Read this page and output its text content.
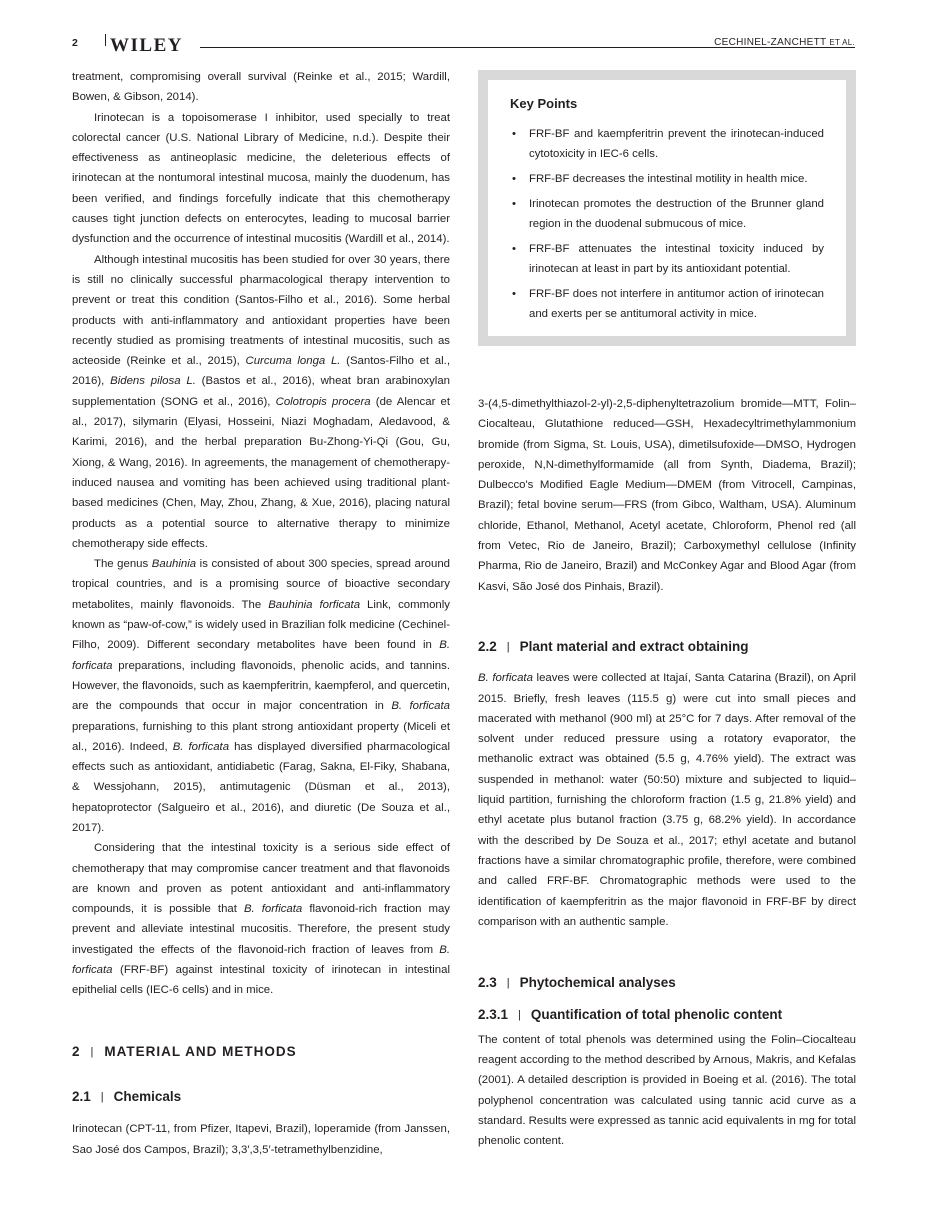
2 WILEY	CECHINEL-ZANCHETT ET AL.

treatment, compromising overall survival (Reinke et al., 2015; Wardill, Bowen, & Gibson, 2014).

Irinotecan is a topoisomerase I inhibitor, used specially to treat colorectal cancer (U.S. National Library of Medicine, n.d.). Despite their effectiveness as antineoplasic medicine, the deleterious effects of irinotecan at the nontumoral intestinal mucosa, mainly the duodenum, has been verified, and findings forcefully indicate that this chemotherapy causes tight junction defects on enterocytes, leading to mucosal barrier dysfunction and the occurrence of intestinal mucositis (Wardill et al., 2014).

Although intestinal mucositis has been studied for over 30 years, there is still no clinically successful pharmacological therapy intervention to prevent or treat this condition (Santos-Filho et al., 2016). Some herbal products with anti-inflammatory and antioxidant properties have been recently studied as promising treatments of intestinal mucositis, such as acteoside (Reinke et al., 2015), Curcuma longa L. (Santos-Filho et al., 2016), Bidens pilosa L. (Bastos et al., 2016), wheat bran arabinoxylan supplementation (SONG et al., 2016), Colotropis procera (de Alencar et al., 2017), silymarin (Elyasi, Hosseini, Niazi Moghadam, Aledavood, & Karimi, 2016), and the herbal preparation Bu-Zhong-Yi-Qi (Gou, Gu, Xiong, & Wang, 2016). In agreements, the management of chemotherapy-induced nausea and vomiting has been achieved using traditional plant-based medicines (Chen, May, Zhou, Zhang, & Xue, 2016), placing natural products as a potential source to alternative therapy to minimize chemotherapy side effects.

The genus Bauhinia is consisted of about 300 species, spread around tropical countries, and is a promising source of bioactive secondary metabolites, mainly flavonoids. The Bauhinia forficata Link, commonly known as “paw-of-cow,” is widely used in Brazilian folk medicine (Cechinel-Filho, 2009). Different secondary metabolites have been found in B. forficata preparations, including flavonoids, phenolic acids, and tannins. However, the flavonoids, such as kaempferitrin, kaempferol, and quercetin, are the compounds that occur in major concentration in B. forficata preparations, furnishing to this plant strong antioxidant property (Miceli et al., 2016). Indeed, B. forficata has displayed diversified pharmacological effects such as antioxidant, antidiabetic (Farag, Sakna, El-Fiky, Shabana, & Wessjohann, 2015), antimutagenic (Düsman et al., 2013), hepatoprotector (Salgueiro et al., 2016), and diuretic (De Souza et al., 2017).

Considering that the intestinal toxicity is a serious side effect of chemotherapy that may compromise cancer treatment and that flavonoids are known and proven as potent antioxidant and anti-inflammatory compounds, it is possible that B. forficata flavonoid-rich fraction may prevent and alleviate intestinal mucositis. Therefore, the present study investigated the effects of the flavonoid-rich fraction of leaves from B. forficata (FRF-BF) against intestinal toxicity of irinotecan in intestinal epithelial cells (IEC-6 cells) and in mice.

2 | MATERIAL AND METHODS
2.1 | Chemicals

Irinotecan (CPT-11, from Pfizer, Itapevi, Brazil), loperamide (from Janssen, Sao José dos Campos, Brazil); 3,3′,3,5′-tetramethylbenzidine,

Key Points
• FRF-BF and kaempferitrin prevent the irinotecan-induced cytotoxicity in IEC-6 cells.
• FRF-BF decreases the intestinal motility in health mice.
• Irinotecan promotes the destruction of the Brunner gland region in the duodenal submucous of mice.
• FRF-BF attenuates the intestinal toxicity induced by irinotecan at least in part by its antioxidant potential.
• FRF-BF does not interfere in antitumor action of irinotecan and exerts per se antitumoral activity in mice.

3-(4,5-dimethylthiazol-2-yl)-2,5-diphenyltetrazolium bromide—MTT, Folin–Ciocalteau, Glutathione reduced—GSH, Hexadecyltrimethylammonium bromide (from Sigma, St. Louis, USA), dimetilsufoxide—DMSO, Hydrogen peroxide, N,N-dimethylformamide (all from Synth, Diadema, Brazil); Dulbecco's Modified Eagle Medium—DMEM (from Vitrocell, Campinas, Brazil); fetal bovine serum—FRS (from Gibco, Waltham, USA). Aluminum chloride, Ethanol, Methanol, Acetyl acetate, Chloroform, Phenol red (all from Vetec, Rio de Janeiro, Brazil); Carboxymethyl cellulose (Infinity Pharma, Rio de Janeiro, Brazil) and McConkey Agar and Blood Agar (from Kasvi, São José dos Pinhais, Brazil).

2.2 | Plant material and extract obtaining

B. forficata leaves were collected at Itajaí, Santa Catarina (Brazil), on April 2015. Briefly, fresh leaves (115.5 g) were cut into small pieces and macerated with methanol (900 ml) at 25°C for 7 days. After removal of the solvent under reduced pressure using a rotatory evaporator, the methanolic extract was obtained (5.5 g, 4.76% yield). The extract was suspended in methanol: water (50:50) mixture and subjected to liquid–liquid partition, furnishing the chloroform fraction (1.5 g, 21.8% yield) and ethyl acetate plus butanol fraction (3.75 g, 68.2% yield). In accordance with the described by De Souza et al., 2017; ethyl acetate and butanol fractions have a similar chromatographic profile, therefore, were combined and called FRF-BF. Chromatographic methods were used to the identification of kaempferitrin as the major flavonoid in FRF-BF by direct comparison with an authentic sample.

2.3 | Phytochemical analyses
2.3.1 | Quantification of total phenolic content

The content of total phenols was determined using the Folin–Ciocalteau reagent according to the method described by Arnous, Makris, and Kefalas (2001). A detailed description is provided in Boeing et al. (2016). The total polyphenol concentration was calculated using tannic acid curve as a standard. Results were expressed as tannic acid equivalents in mg for total phenolic content.
